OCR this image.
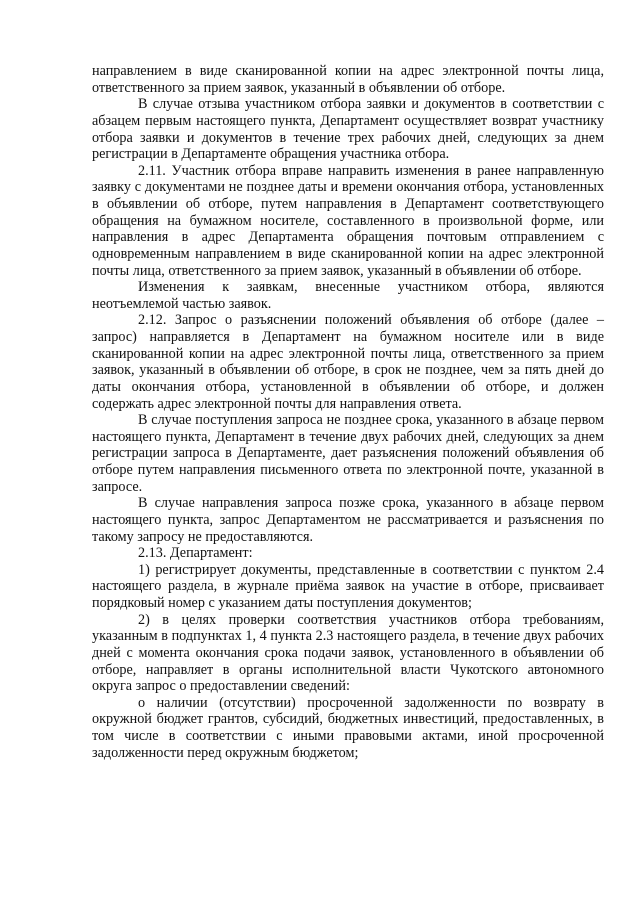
направлением в виде сканированной копии на адрес электронной почты лица, ответственного за прием заявок, указанный в объявлении об отборе.

В случае отзыва участником отбора заявки и документов в соответствии с абзацем первым настоящего пункта, Департамент осуществляет возврат участнику отбора заявки и документов в течение трех рабочих дней, следующих за днем регистрации в Департаменте обращения участника отбора.

2.11. Участник отбора вправе направить изменения в ранее направленную заявку с документами не позднее даты и времени окончания отбора, установленных в объявлении об отборе, путем направления в Департамент соответствующего обращения на бумажном носителе, составленного в произвольной форме, или направления в адрес Департамента обращения почтовым отправлением с одновременным направлением в виде сканированной копии на адрес электронной почты лица, ответственного за прием заявок, указанный в объявлении об отборе.

Изменения к заявкам, внесенные участником отбора, являются неотъемлемой частью заявок.

2.12. Запрос о разъяснении положений объявления об отборе (далее – запрос) направляется в Департамент на бумажном носителе или в виде сканированной копии на адрес электронной почты лица, ответственного за прием заявок, указанный в объявлении об отборе, в срок не позднее, чем за пять дней до даты окончания отбора, установленной в объявлении об отборе, и должен содержать адрес электронной почты для направления ответа.

В случае поступления запроса не позднее срока, указанного в абзаце первом настоящего пункта, Департамент в течение двух рабочих дней, следующих за днем регистрации запроса в Департаменте, дает разъяснения положений объявления об отборе путем направления письменного ответа по электронной почте, указанной в запросе.

В случае направления запроса позже срока, указанного в абзаце первом настоящего пункта, запрос Департаментом не рассматривается и разъяснения по такому запросу не предоставляются.

2.13. Департамент:

1) регистрирует документы, представленные в соответствии с пунктом 2.4 настоящего раздела, в журнале приёма заявок на участие в отборе, присваивает порядковый номер с указанием даты поступления документов;

2) в целях проверки соответствия участников отбора требованиям, указанным в подпунктах 1, 4 пункта 2.3 настоящего раздела, в течение двух рабочих дней с момента окончания срока подачи заявок, установленного в объявлении об отборе, направляет в органы исполнительной власти Чукотского автономного округа запрос о предоставлении сведений:

о наличии (отсутствии) просроченной задолженности по возврату в окружной бюджет грантов, субсидий, бюджетных инвестиций, предоставленных, в том числе в соответствии с иными правовыми актами, иной просроченной задолженности перед окружным бюджетом;
